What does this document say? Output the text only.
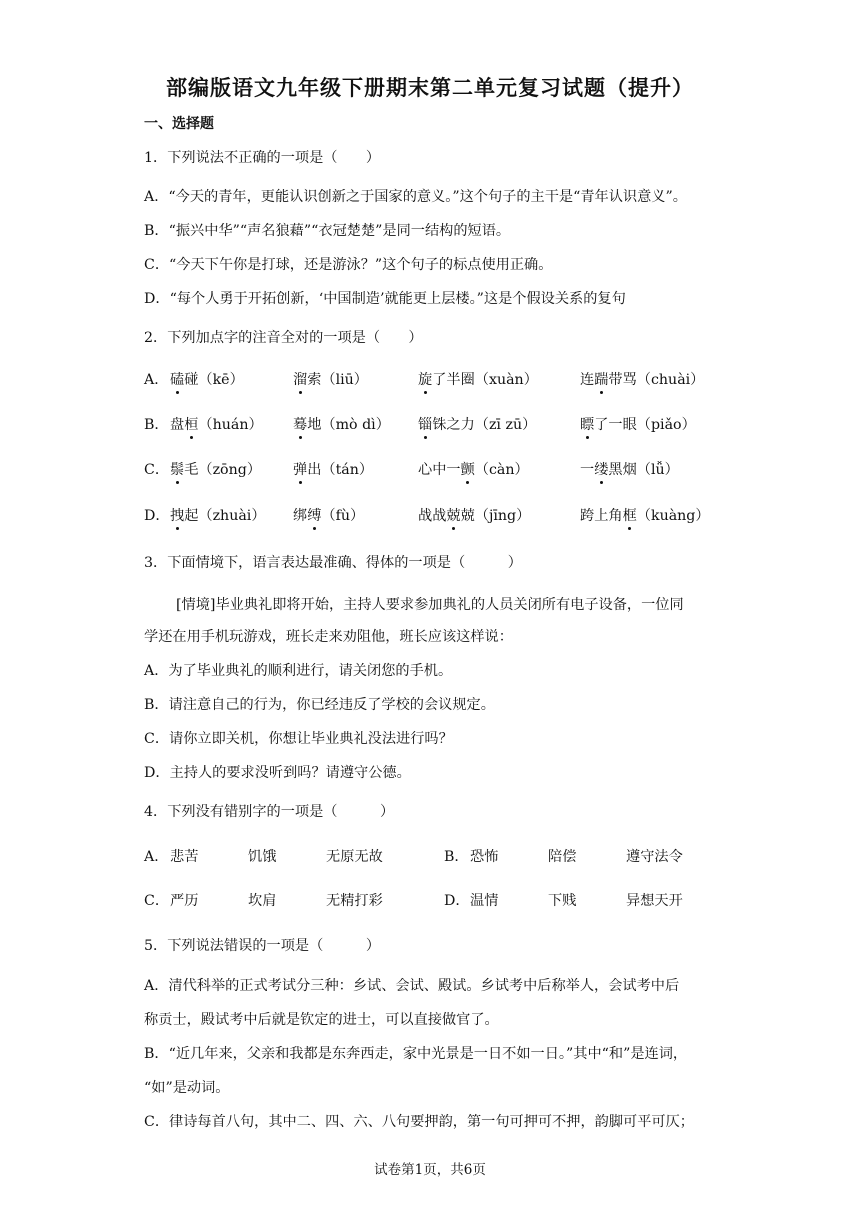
部编版语文九年级下册期末第二单元复习试题（提升）
一、选择题
1．下列说法不正确的一项是（　　）
A．“今天的青年，更能认识创新之于国家的意义。”这个句子的主干是“青年认识意义”。
B．“振兴中华”“声名狼藉”“衣冠楚楚”是同一结构的短语。
C．“今天下午你是打球，还是游泳？”这个句子的标点使用正确。
D．“每个人勇于开拓创新，‘中国制造’就能更上层楼。”这是个假设关系的复句
2．下列加点字的注音全对的一项是（　　）
A． 磕碰（kē）	溜索（liū）	旋了半圈（xuàn）	连踹带骂（chuài）
B． 盘桓（huán） 蓦地（mò dì） 锱铢之力（zī zū）	瞟了一眼（piǎo）
C． 鬃毛（zōng） 弹出（tán）	心中一颤（càn）	一缕黑烟（lǚ）
D． 拽起（zhuài） 绑缚（fù）	战战兢兢（jīng）	跨上角框（kuàng）
3．下面情境下，语言表达最准确、得体的一项是（　　　）
[情境]毕业典礼即将开始，主持人要求参加典礼的人员关闭所有电子设备，一位同
学还在用手机玩游戏，班长走来劝阻他，班长应该这样说：
A．为了毕业典礼的顺利进行，请关闭您的手机。
B．请注意自己的行为，你已经违反了学校的会议规定。
C．请你立即关机，你想让毕业典礼没法进行吗？
D．主持人的要求没听到吗？请遵守公德。
4．下列没有错别字的一项是（　　　）
A． 悲苦	饥饿	无原无故	B． 恐怖	陪偿	遵守法令
C． 严历	坎肩	无精打彩	D． 温情	下贱	异想天开
5．下列说法错误的一项是（　　　）
A．清代科举的正式考试分三种：乡试、会试、殿试。乡试考中后称举人，会试考中后
称贡士，殿试考中后就是钦定的进士，可以直接做官了。
B．“近几年来，父亲和我都是东奔西走，家中光景是一日不如一日。”其中“和”是连词，
“如”是动词。
C．律诗每首八句，其中二、四、六、八句要押韵，第一句可押可不押，韵脚可平可仄；
试卷第1页，共6页
